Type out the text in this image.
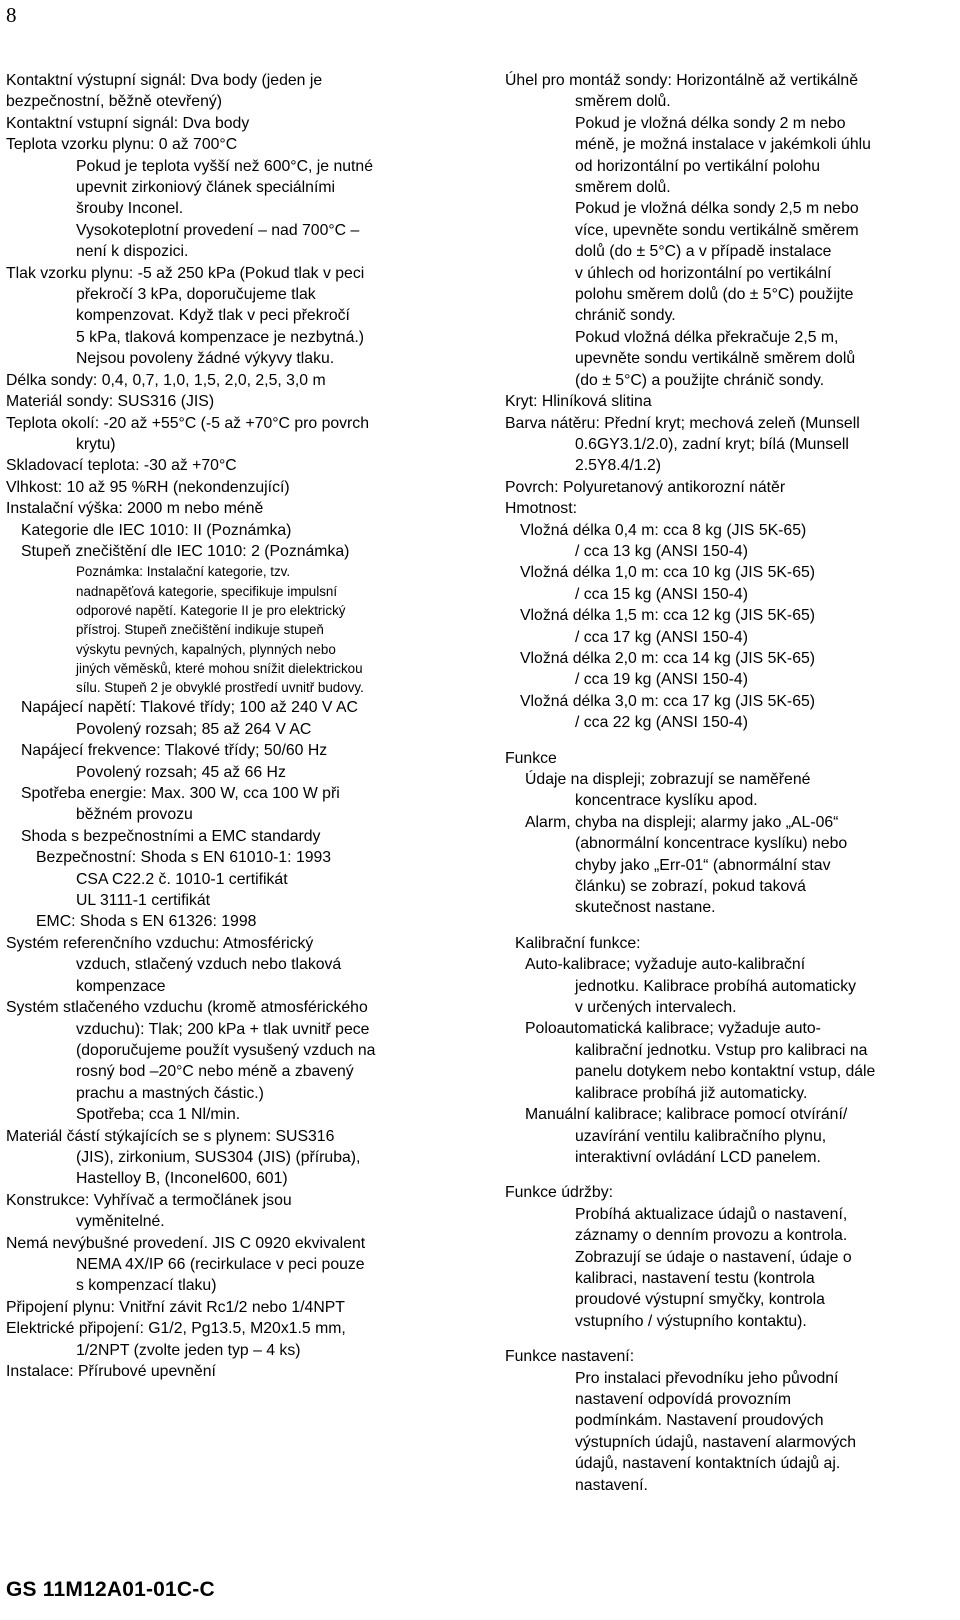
8
Kontaktní výstupní signál: Dva body (jeden je
bezpečnostní, běžně otevřený)
Kontaktní vstupní signál: Dva body
Teplota vzorku plynu: 0 až 700°C
Pokud je teplota vyšší než 600°C, je nutné
upevnit zirkoniový článek speciálními
šrouby Inconel.
Vysokoteplotní provedení – nad 700°C –
není k dispozici.
Tlak vzorku plynu: -5 až 250 kPa (Pokud tlak v peci
překročí 3 kPa, doporučujeme tlak
kompenzovat. Když tlak v peci překročí
5 kPa, tlaková kompenzace je nezbytná.)
Nejsou povoleny žádné výkyvy tlaku.
Délka sondy: 0,4, 0,7, 1,0, 1,5, 2,0, 2,5, 3,0 m
Materiál sondy: SUS316 (JIS)
Teplota okolí: -20 až +55°C (-5 až +70°C pro povrch
krytu)
Skladovací teplota: -30 až +70°C
Vlhkost: 10 až 95 %RH (nekondenzující)
Instalační výška: 2000 m nebo méně
Kategorie dle IEC 1010: II (Poznámka)
Stupeň znečištění dle IEC 1010: 2 (Poznámka)
Poznámka: Instalační kategorie, tzv.
nadnapěťová kategorie, specifikuje impulsní
odporové napětí. Kategorie II je pro elektrický
přístroj. Stupeň znečištění indikuje stupeň
výskytu pevných, kapalných, plynných nebo
jiných věměsků, které mohou snížit dielektrickou
sílu. Stupeň 2 je obvyklé prostředí uvnitř budovy.
Napájecí napětí: Tlakové třídy; 100 až 240 V AC
Povolený rozsah; 85 až 264 V AC
Napájecí frekvence: Tlakové třídy; 50/60 Hz
Povolený rozsah; 45 až 66 Hz
Spotřeba energie: Max. 300 W, cca 100 W při
běžném provozu
Shoda s bezpečnostními a EMC standardy
Bezpečnostní: Shoda s EN 61010-1: 1993
CSA C22.2 č. 1010-1 certifikát
UL 3111-1 certifikát
EMC: Shoda s EN 61326: 1998
Systém referenčního vzduchu: Atmosférický
vzduch, stlačený vzduch nebo tlaková
kompenzace
Systém stlačeného vzduchu (kromě atmosférického
vzduchu): Tlak; 200 kPa + tlak uvnitř pece
(doporučujeme použít vysušený vzduch na
rosný bod –20°C nebo méně a zbavený
prachu a mastných částic.)
Spotřeba; cca 1 Nl/min.
Materiál částí stýkajících se s plynem: SUS316
(JIS), zirkonium, SUS304 (JIS) (příruba),
Hastelloy B, (Inconel600, 601)
Konstrukce: Vyhřívač a termočlánek jsou
vyměnitelné.
Nemá nevýbušné provedení. JIS C 0920 ekvivalent
NEMA 4X/IP 66 (recirkulace v peci pouze
s kompenzací tlaku)
Připojení plynu: Vnitřní závit Rc1/2 nebo 1/4NPT
Elektrické připojení: G1/2, Pg13.5, M20x1.5 mm,
1/2NPT (zvolte jeden typ – 4 ks)
Instalace: Přírubové upevnění
Úhel pro montáž sondy: Horizontálně až vertikálně
směrem dolů.
Pokud je vložná délka sondy 2 m nebo
méně, je možná instalace v jakémkoli úhlu
od horizontální po vertikální polohu
směrem dolů.
Pokud je vložná délka sondy 2,5 m nebo
více, upevněte sondu vertikálně směrem
dolů (do ± 5°C) a v případě instalace
v úhlech od horizontální po vertikální
polohu směrem dolů (do ± 5°C) použijte
chránič sondy.
Pokud vložná délka překračuje 2,5 m,
upevněte sondu vertikálně směrem dolů
(do ± 5°C) a použijte chránič sondy.
Kryt: Hliníková slitina
Barva nátěru: Přední kryt; mechová zeleň (Munsell
0.6GY3.1/2.0), zadní kryt; bílá (Munsell
2.5Y8.4/1.2)
Povrch: Polyuretanový antikorozní nátěr
Hmotnost:
Vložná délka 0,4 m: cca 8 kg (JIS 5K-65)
/ cca 13 kg (ANSI 150-4)
Vložná délka 1,0 m: cca 10 kg (JIS 5K-65)
/ cca 15 kg (ANSI 150-4)
Vložná délka 1,5 m: cca 12 kg (JIS 5K-65)
/ cca 17 kg (ANSI 150-4)
Vložná délka 2,0 m: cca 14 kg (JIS 5K-65)
/ cca 19 kg (ANSI 150-4)
Vložná délka 3,0 m: cca 17 kg (JIS 5K-65)
/ cca 22 kg (ANSI 150-4)
Funkce
Údaje na displeji; zobrazují se naměřené
koncentrace kyslíku apod.
Alarm, chyba na displeji; alarmy jako „AL-06“
(abnormální koncentrace kyslíku) nebo
chyby jako „Err-01“ (abnormální stav
článku) se zobrazí, pokud taková
skutečnost nastane.
Kalibrační funkce:
Auto-kalibrace; vyžaduje auto-kalibrační
jednotku. Kalibrace probíhá automaticky
v určených intervalech.
Poloautomatická kalibrace; vyžaduje auto-
kalibrační jednotku. Vstup pro kalibraci na
panelu dotykem nebo kontaktní vstup, dále
kalibrace probíhá již automaticky.
Manuální kalibrace; kalibrace pomocí otvírání/
uzavírání ventilu kalibračního plynu,
interaktivní ovládání LCD panelem.
Funkce údržby:
Probíhá aktualizace údajů o nastavení,
záznamy o denním provozu a kontrola.
Zobrazují se údaje o nastavení, údaje o
kalibraci, nastavení testu (kontrola
proudové výstupní smyčky, kontrola
vstupního / výstupního kontaktu).
Funkce nastavení:
Pro instalaci převodníku jeho původní
nastavení odpovídá provozním
podmínkám. Nastavení proudových
výstupních údajů, nastavení alarmových
údajů, nastavení kontaktních údajů aj.
nastavení.
GS 11M12A01-01C-C
